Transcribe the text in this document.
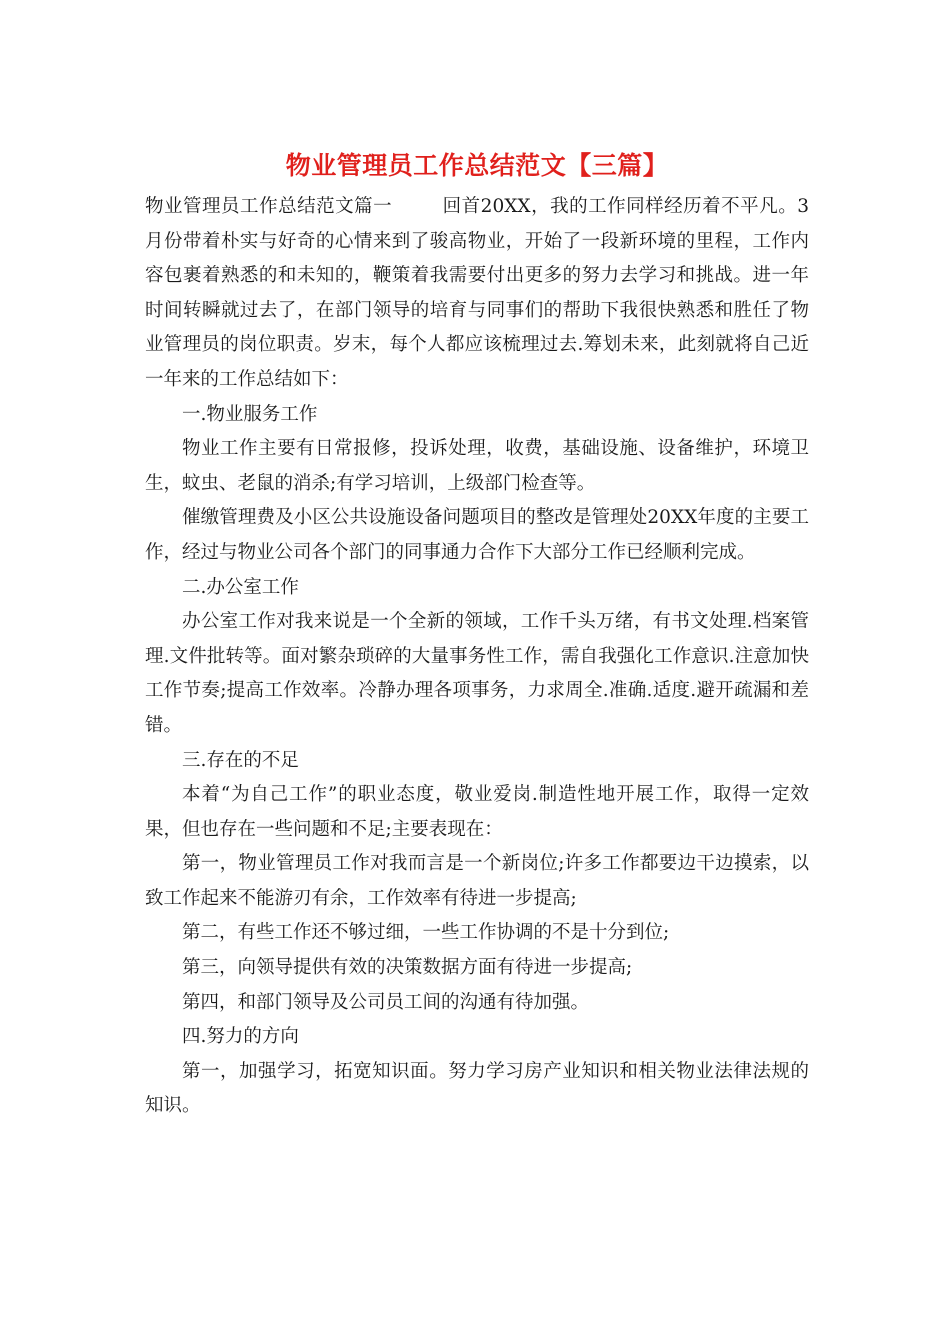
物业管理员工作总结范文【三篇】

物业管理员工作总结范文篇一	回首20XX，我的工作同样经历着不平凡。3月份带着朴实与好奇的心情来到了骏高物业，开始了一段新环境的里程，工作内容包裹着熟悉的和未知的，鞭策着我需要付出更多的努力去学习和挑战。进一年时间转瞬就过去了，在部门领导的培育与同事们的帮助下我很快熟悉和胜任了物业管理员的岗位职责。岁末，每个人都应该梳理过去.筹划未来，此刻就将自己近一年来的工作总结如下：

一.物业服务工作

物业工作主要有日常报修，投诉处理，收费，基础设施、设备维护，环境卫生，蚊虫、老鼠的消杀;有学习培训，上级部门检查等。

催缴管理费及小区公共设施设备问题项目的整改是管理处20XX年度的主要工作，经过与物业公司各个部门的同事通力合作下大部分工作已经顺利完成。

二.办公室工作

办公室工作对我来说是一个全新的领域，工作千头万绪，有书文处理.档案管理.文件批转等。面对繁杂琐碎的大量事务性工作，需自我强化工作意识.注意加快工作节奏;提高工作效率。冷静办理各项事务，力求周全.准确.适度.避开疏漏和差错。

三.存在的不足

本着“为自己工作”的职业态度，敬业爱岗.制造性地开展工作，取得一定效果，但也存在一些问题和不足;主要表现在：

第一，物业管理员工作对我而言是一个新岗位;许多工作都要边干边摸索，以致工作起来不能游刃有余，工作效率有待进一步提高;

第二，有些工作还不够过细，一些工作协调的不是十分到位;

第三，向领导提供有效的决策数据方面有待进一步提高;

第四，和部门领导及公司员工间的沟通有待加强。

四.努力的方向

第一，加强学习，拓宽知识面。努力学习房产业知识和相关物业法律法规的知识。
